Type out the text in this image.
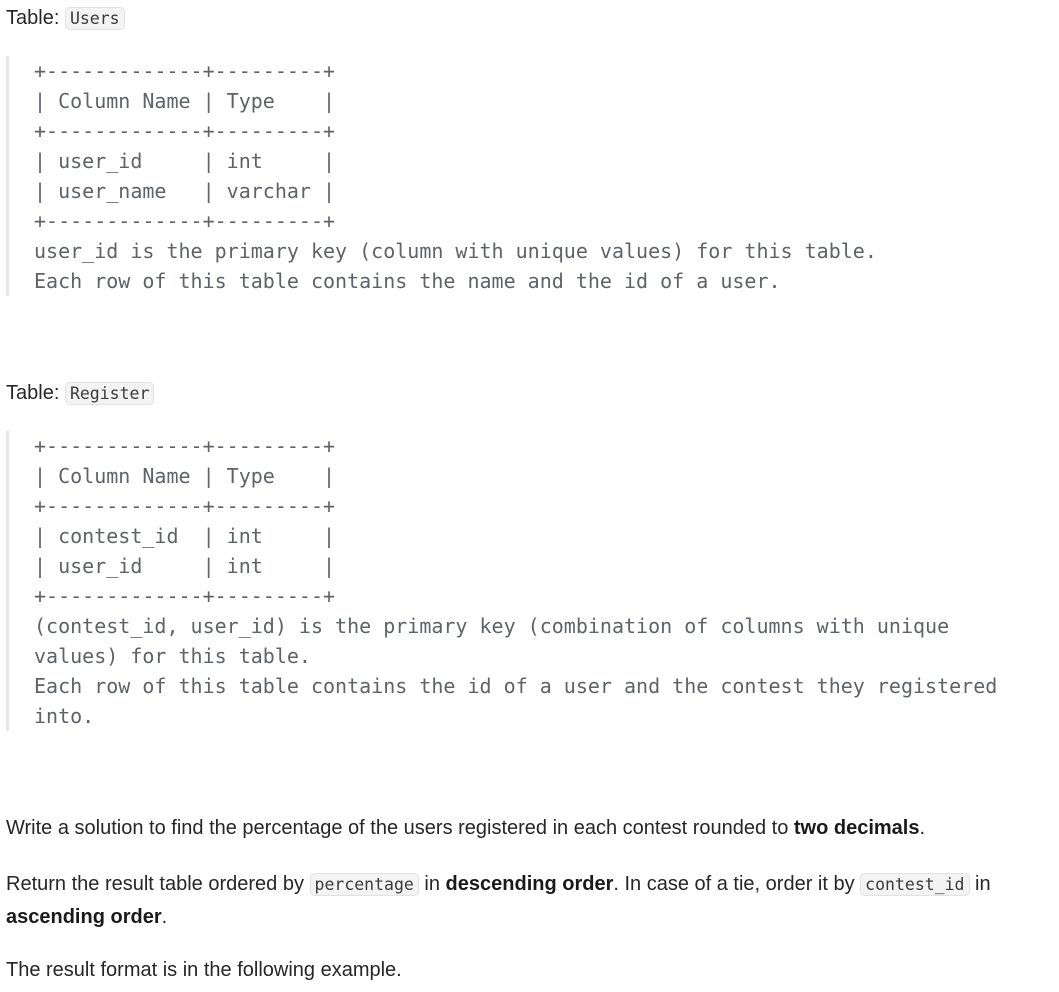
Table: Users
+-------------+---------+
| Column Name | Type    |
+-------------+---------+
| user_id     | int     |
| user_name   | varchar |
+-------------+---------+
user_id is the primary key (column with unique values) for this table.
Each row of this table contains the name and the id of a user.
Table: Register
+-------------+---------+
| Column Name | Type    |
+-------------+---------+
| contest_id  | int     |
| user_id     | int     |
+-------------+---------+
(contest_id, user_id) is the primary key (combination of columns with unique
values) for this table.
Each row of this table contains the id of a user and the contest they registered
into.

Write a solution to find the percentage of the users registered in each contest rounded to two decimals.

Return the result table ordered by percentage in descending order. In case of a tie, order it by contest_id in ascending order.

The result format is in the following example.
